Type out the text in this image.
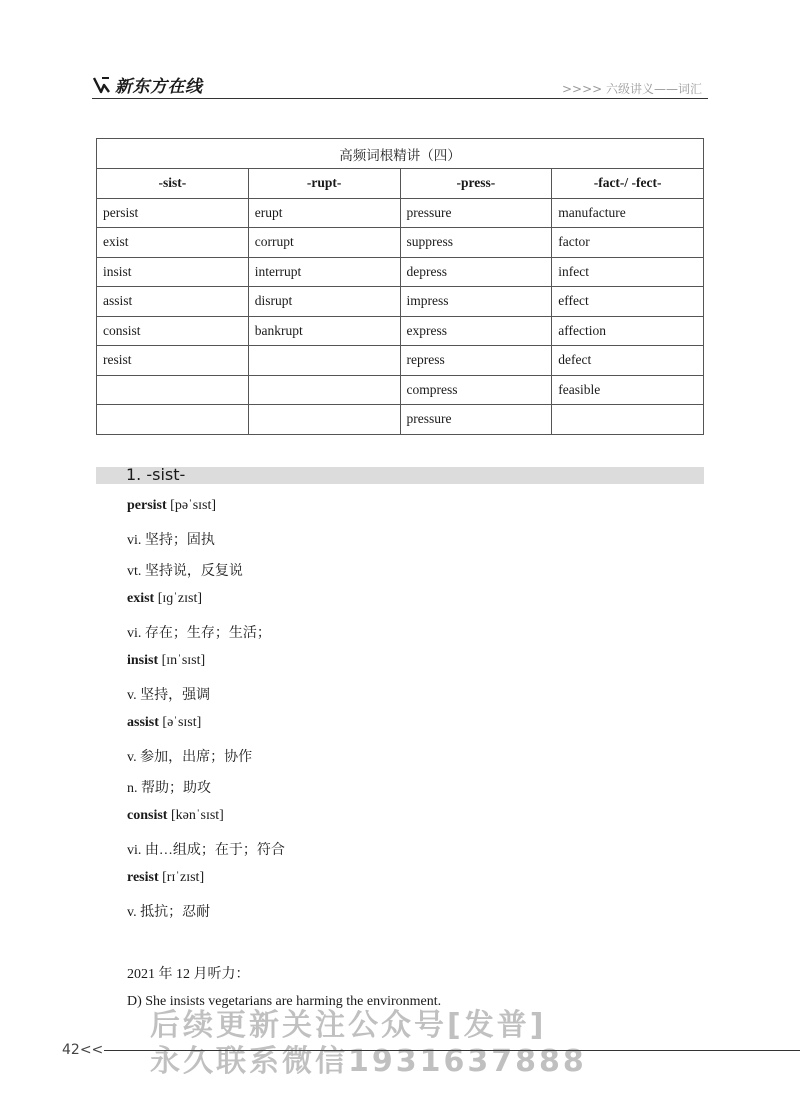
新东方在线	>>>> 六级讲义——词汇
高频词根精讲（四）			
-sist-	-rupt-	-press-	-fact-/ -fect-
persist	erupt	pressure	manufacture
exist	corrupt	suppress	factor
insist	interrupt	depress	infect
assist	disrupt	impress	effect
consist	bankrupt	express	affection
resist		repress	defect
		compress	feasible
		pressure	
1. -sist-
persist [pəˈsɪst]
vi. 坚持；固执
vt. 坚持说，反复说
exist [ɪɡˈzɪst]
vi. 存在；生存；生活；
insist [ɪnˈsɪst]
v. 坚持，强调
assist [əˈsɪst]
v. 参加，出席；协作
n. 帮助；助攻
consist [kənˈsɪst]
vi. 由…组成；在于；符合
resist [rɪˈzɪst]
v. 抵抗；忍耐
2021 年 12 月听力：
D) She insists vegetarians are harming the environment.
后续更新关注公众号[发普]
永久联系微信1931637888
42<<
